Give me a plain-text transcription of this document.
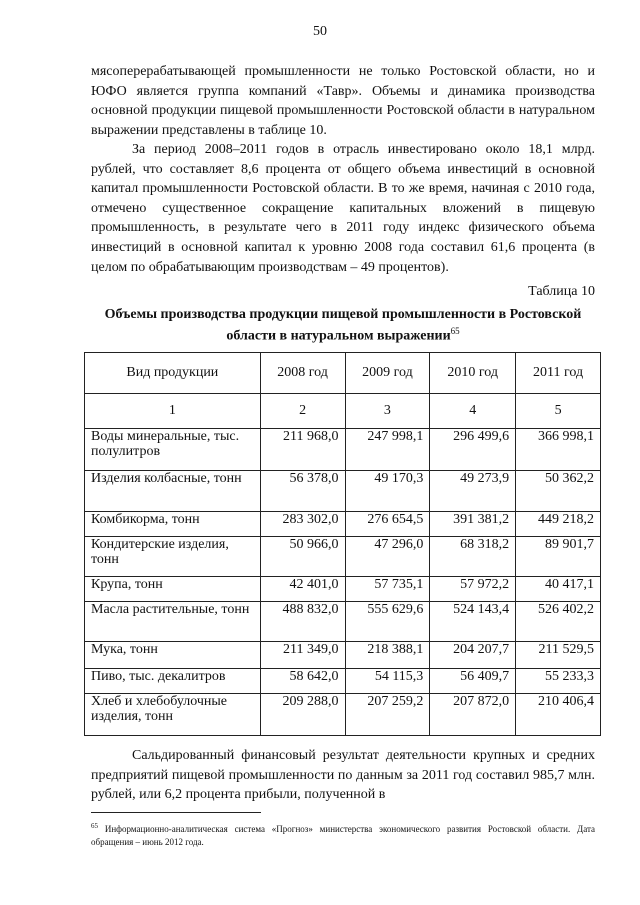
50

мясоперерабатывающей промышленности не только Ростовской области, но и ЮФО является группа компаний «Тавр». Объемы и динамика производства основной продукции пищевой промышленности Ростовской области в натуральном выражении представлены в таблице 10.

За период 2008–2011 годов в отрасль инвестировано около 18,1 млрд. рублей, что составляет 8,6 процента от общего объема инвестиций в основной капитал промышленности Ростовской области. В то же время, начиная с 2010 года, отмечено существенное сокращение капитальных вложений в пищевую промышленность, в результате чего в 2011 году индекс физического объема инвестиций в основной капитал к уровню 2008 года составил 61,6 процента (в целом по обрабатывающим производствам – 49 процентов).

Таблица 10
Объемы производства продукции пищевой промышленности в Ростовской области в натуральном выражении$^{65}$
Вид продукции	2008 год	2009 год	2010 год	2011 год
1	2	3	4	5
Воды минеральные, тыс. полулитров	211 968,0	247 998,1	296 499,6	366 998,1
Изделия колбасные, тонн	56 378,0	49 170,3	49 273,9	50 362,2
Комбикорма, тонн	283 302,0	276 654,5	391 381,2	449 218,2
Кондитерские изделия, тонн	50 966,0	47 296,0	68 318,2	89 901,7
Крупа, тонн	42 401,0	57 735,1	57 972,2	40 417,1
Масла растительные, тонн	488 832,0	555 629,6	524 143,4	526 402,2
Мука, тонн	211 349,0	218 388,1	204 207,7	211 529,5
Пиво, тыс. декалитров	58 642,0	54 115,3	56 409,7	55 233,3
Хлеб и хлебобулочные изделия, тонн	209 288,0	207 259,2	207 872,0	210 406,4

Сальдированный финансовый результат деятельности крупных и средних предприятий пищевой промышленности по данным за 2011 год составил 985,7 млн. рублей, или 6,2 процента прибыли, полученной в

$^{65}$ Информационно-аналитическая система «Прогноз» министерства экономического развития Ростовской области. Дата обращения – июнь 2012 года.
